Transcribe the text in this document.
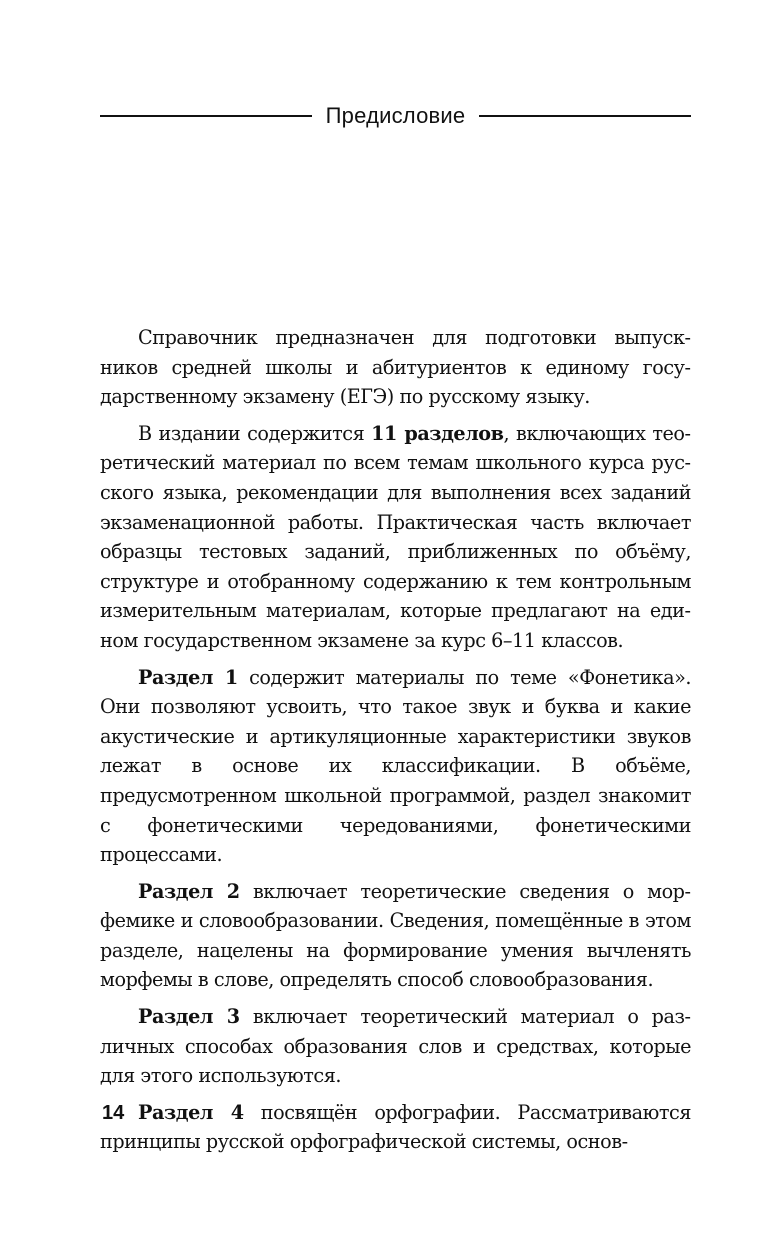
Предисловие

Справочник предназначен для подготовки выпускников средней школы и абитуриентов к единому государственному экзамену (ЕГЭ) по русскому языку.

В издании содержится 11 разделов, включающих теоретический материал по всем темам школьного курса русского языка, рекомендации для выполнения всех заданий экзаменационной работы. Практическая часть включает образцы тестовых заданий, приближенных по объёму, структуре и отобранному содержанию к тем контрольным измерительным материалам, которые предлагают на едином государственном экзамене за курс 6–11 классов.

Раздел 1 содержит материалы по теме «Фонетика». Они позволяют усвоить, что такое звук и буква и какие акустические и артикуляционные характеристики звуков лежат в основе их классификации. В объёме, предусмотренном школьной программой, раздел знакомит с фонетическими чередованиями, фонетическими процессами.

Раздел 2 включает теоретические сведения о морфемике и словообразовании. Сведения, помещённые в этом разделе, нацелены на формирование умения вычленять морфемы в слове, определять способ словообразования.

Раздел 3 включает теоретический материал о различных способах образования слов и средствах, которые для этого используются.

Раздел 4 посвящён орфографии. Рассматриваются принципы русской орфографической системы, основ-

14
